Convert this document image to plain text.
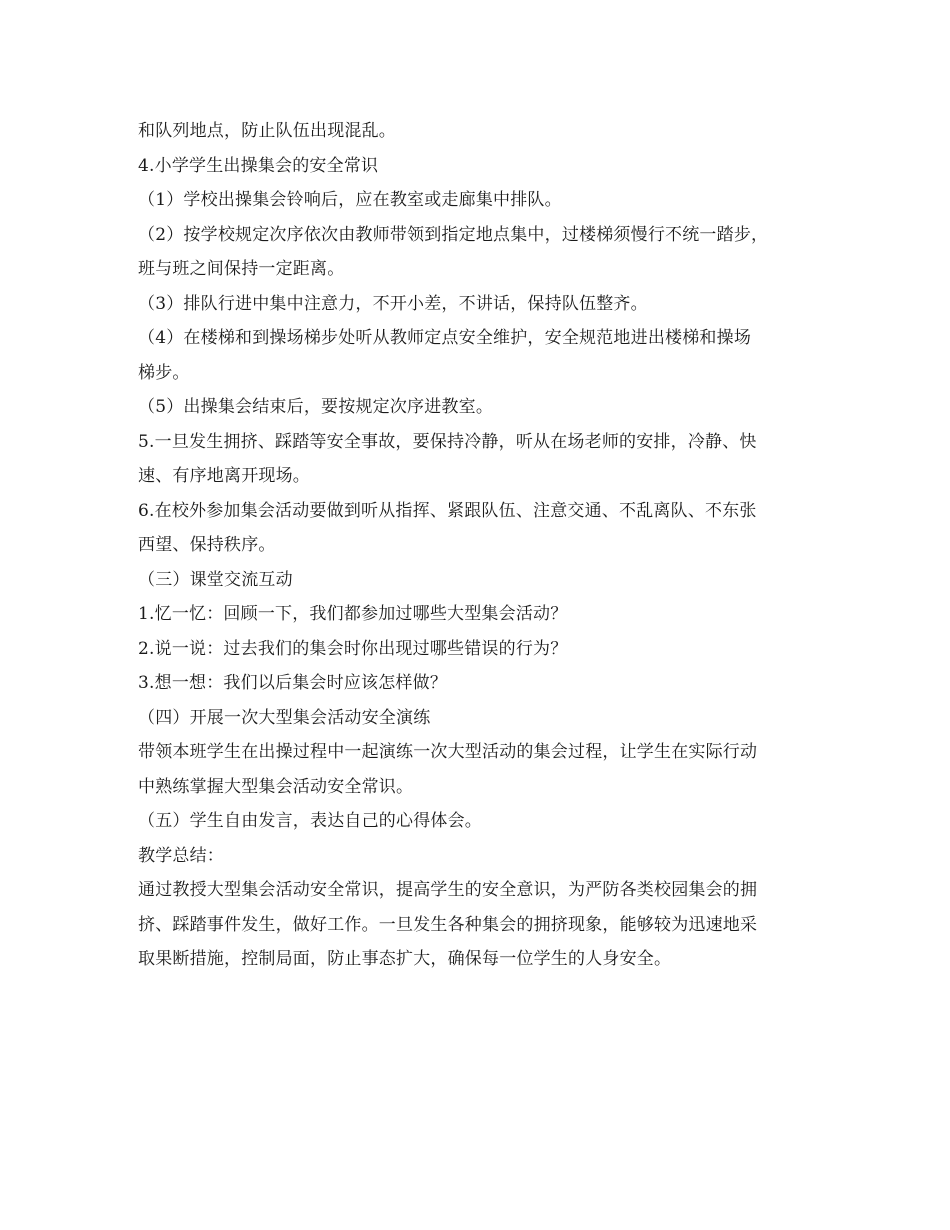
和队列地点，防止队伍出现混乱。
4.小学学生出操集会的安全常识
（1）学校出操集会铃响后，应在教室或走廊集中排队。
（2）按学校规定次序依次由教师带领到指定地点集中，过楼梯须慢行不统一踏步，
班与班之间保持一定距离。
（3）排队行进中集中注意力，不开小差，不讲话，保持队伍整齐。
（4）在楼梯和到操场梯步处听从教师定点安全维护，安全规范地进出楼梯和操场
梯步。
（5）出操集会结束后，要按规定次序进教室。
5.一旦发生拥挤、踩踏等安全事故，要保持冷静，听从在场老师的安排，冷静、快
速、有序地离开现场。
6.在校外参加集会活动要做到听从指挥、紧跟队伍、注意交通、不乱离队、不东张
西望、保持秩序。
（三）课堂交流互动
1.忆一忆：回顾一下，我们都参加过哪些大型集会活动？
2.说一说：过去我们的集会时你出现过哪些错误的行为？
3.想一想：我们以后集会时应该怎样做？
（四）开展一次大型集会活动安全演练
带领本班学生在出操过程中一起演练一次大型活动的集会过程，让学生在实际行动
中熟练掌握大型集会活动安全常识。
（五）学生自由发言，表达自己的心得体会。
教学总结：
通过教授大型集会活动安全常识，提高学生的安全意识，为严防各类校园集会的拥
挤、踩踏事件发生，做好工作。一旦发生各种集会的拥挤现象，能够较为迅速地采
取果断措施，控制局面，防止事态扩大，确保每一位学生的人身安全。
